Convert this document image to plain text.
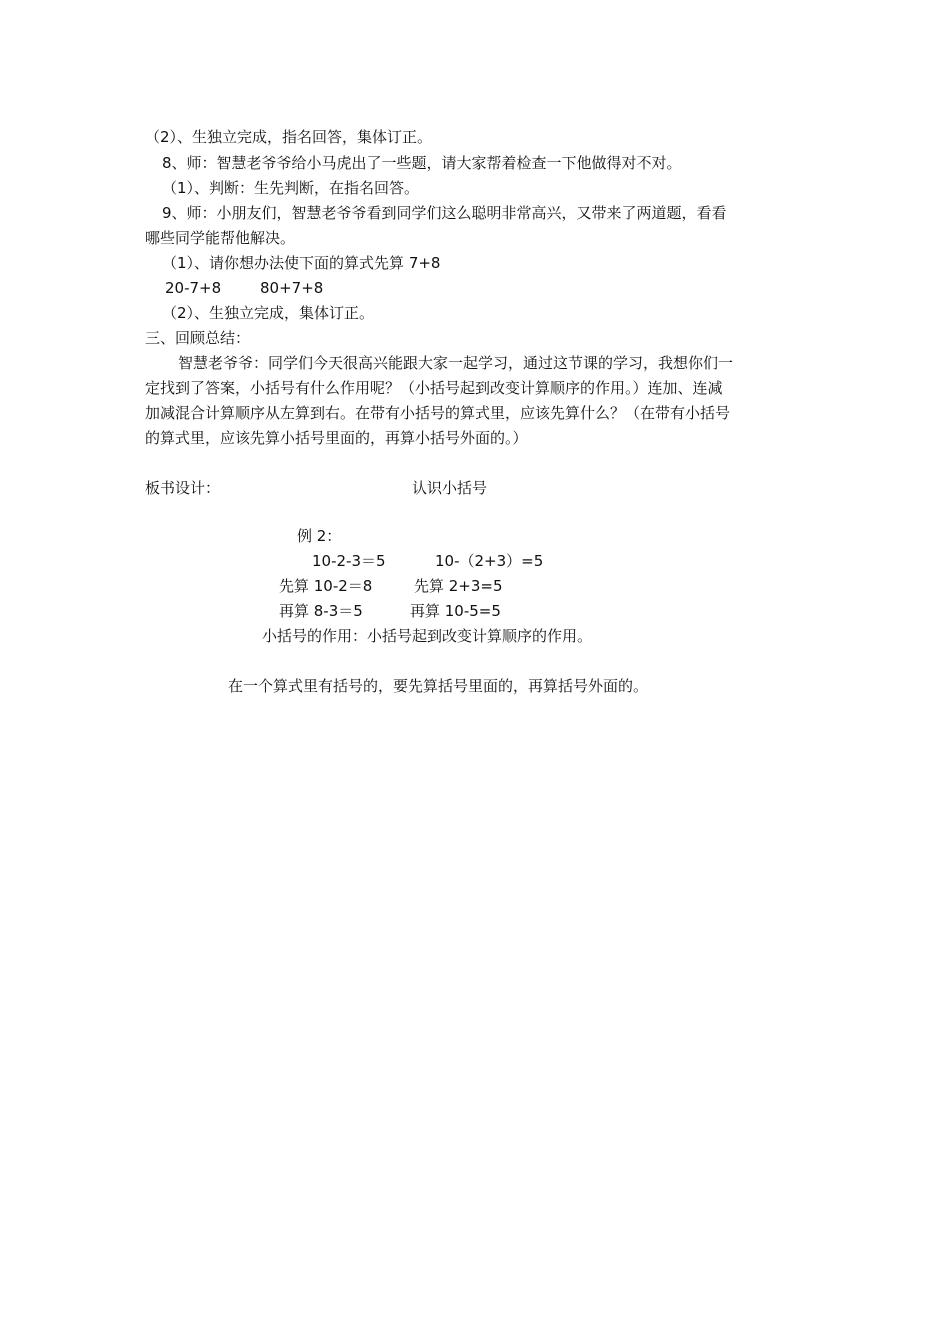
（2）、生独立完成，指名回答，集体订正。
8、师：智慧老爷爷给小马虎出了一些题，请大家帮着检查一下他做得对不对。
（1）、判断：生先判断，在指名回答。
9、师：小朋友们，智慧老爷爷看到同学们这么聪明非常高兴，又带来了两道题，看看
哪些同学能帮他解决。
（1）、请你想办法使下面的算式先算 7+8
20-7+8	80+7+8
（2）、生独立完成，集体订正。
三、回顾总结：
智慧老爷爷：同学们今天很高兴能跟大家一起学习，通过这节课的学习，我想你们一
定找到了答案，小括号有什么作用呢？（小括号起到改变计算顺序的作用。）连加、连减
加减混合计算顺序从左算到右。在带有小括号的算式里，应该先算什么？（在带有小括号
的算式里，应该先算小括号里面的，再算小括号外面的。）
板书设计：	认识小括号
例 2：
10-2-3＝5	10-（2+3）=5
先算 10-2＝8	先算 2+3=5
再算 8-3＝5	再算 10-5=5
小括号的作用：小括号起到改变计算顺序的作用。
在一个算式里有括号的，要先算括号里面的，再算括号外面的。
